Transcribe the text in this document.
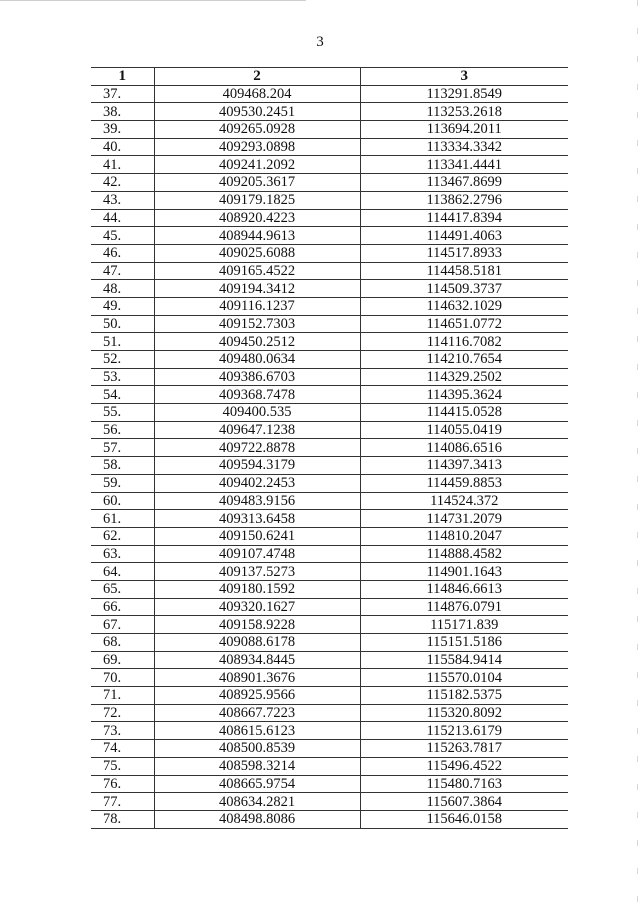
3
1	2	3
37.	409468.204	113291.8549
38.	409530.2451	113253.2618
39.	409265.0928	113694.2011
40.	409293.0898	113334.3342
41.	409241.2092	113341.4441
42.	409205.3617	113467.8699
43.	409179.1825	113862.2796
44.	408920.4223	114417.8394
45.	408944.9613	114491.4063
46.	409025.6088	114517.8933
47.	409165.4522	114458.5181
48.	409194.3412	114509.3737
49.	409116.1237	114632.1029
50.	409152.7303	114651.0772
51.	409450.2512	114116.7082
52.	409480.0634	114210.7654
53.	409386.6703	114329.2502
54.	409368.7478	114395.3624
55.	409400.535	114415.0528
56.	409647.1238	114055.0419
57.	409722.8878	114086.6516
58.	409594.3179	114397.3413
59.	409402.2453	114459.8853
60.	409483.9156	114524.372
61.	409313.6458	114731.2079
62.	409150.6241	114810.2047
63.	409107.4748	114888.4582
64.	409137.5273	114901.1643
65.	409180.1592	114846.6613
66.	409320.1627	114876.0791
67.	409158.9228	115171.839
68.	409088.6178	115151.5186
69.	408934.8445	115584.9414
70.	408901.3676	115570.0104
71.	408925.9566	115182.5375
72.	408667.7223	115320.8092
73.	408615.6123	115213.6179
74.	408500.8539	115263.7817
75.	408598.3214	115496.4522
76.	408665.9754	115480.7163
77.	408634.2821	115607.3864
78.	408498.8086	115646.0158
